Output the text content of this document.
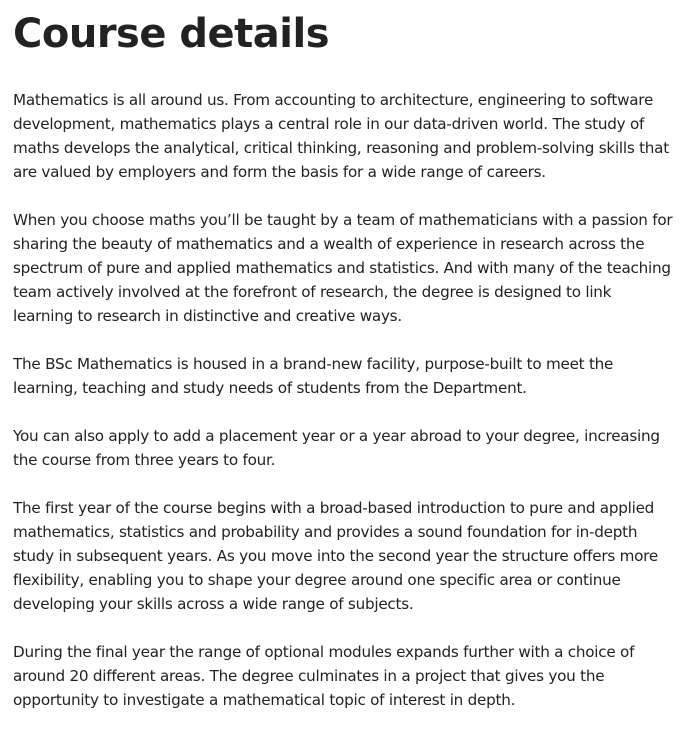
Course details

Mathematics is all around us. From accounting to architecture, engineering to software development, mathematics plays a central role in our data-driven world. The study of maths develops the analytical, critical thinking, reasoning and problem-solving skills that are valued by employers and form the basis for a wide range of careers.

When you choose maths you’ll be taught by a team of mathematicians with a passion for sharing the beauty of mathematics and a wealth of experience in research across the spectrum of pure and applied mathematics and statistics. And with many of the teaching team actively involved at the forefront of research, the degree is designed to link learning to research in distinctive and creative ways.

The BSc Mathematics is housed in a brand-new facility, purpose-built to meet the learning, teaching and study needs of students from the Department.

You can also apply to add a placement year or a year abroad to your degree, increasing the course from three years to four.

The first year of the course begins with a broad-based introduction to pure and applied mathematics, statistics and probability and provides a sound foundation for in-depth study in subsequent years. As you move into the second year the structure offers more flexibility, enabling you to shape your degree around one specific area or continue developing your skills across a wide range of subjects.

During the final year the range of optional modules expands further with a choice of around 20 different areas. The degree culminates in a project that gives you the opportunity to investigate a mathematical topic of interest in depth.
